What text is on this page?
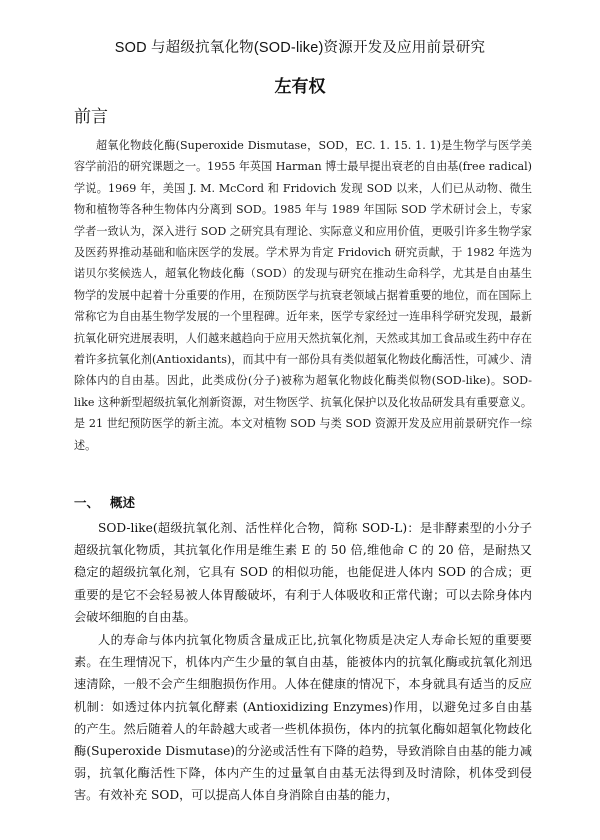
SOD 与超级抗氧化物(SOD-like)资源开发及应用前景研究
左有权
前言
超氧化物歧化酶(Superoxide Dismutase，SOD，EC. 1. 15. 1. 1)是生物学与医学美容学前沿的研究课题之一。1955 年英国 Harman 博士最早提出衰老的自由基(free radical)学说。1969 年，美国 J. M. McCord 和 Fridovich 发现 SOD 以来，人们已从动物、微生物和植物等各种生物体内分离到 SOD。1985 年与 1989 年国际 SOD 学术研讨会上，专家学者一致认为，深入进行 SOD 之研究具有理论、实际意义和应用价值，更吸引许多生物学家及医药界推动基础和临床医学的发展。学术界为肯定 Fridovich 研究贡献，于 1982 年选为诺贝尔奖候选人，超氧化物歧化酶（SOD）的发现与研究在推动生命科学，尤其是自由基生物学的发展中起着十分重要的作用，在预防医学与抗衰老领域占据着重要的地位，而在国际上常称它为自由基生物学发展的一个里程碑。近年来，医学专家经过一连串科学研究发现，最新抗氧化研究进展表明，人们越来越趋向于应用天然抗氧化剂，天然或其加工食品或生药中存在着许多抗氧化剂(Antioxidants)，而其中有一部份具有类似超氧化物歧化酶活性，可减少、清除体内的自由基。因此，此类成份(分子)被称为超氧化物歧化酶类似物(SOD-like)。SOD-like 这种新型超级抗氧化剂新资源，对生物医学、抗氧化保护以及化妆品研发具有重要意义。是 21 世纪预防医学的新主流。本文对植物 SOD 与类 SOD 资源开发及应用前景研究作一综述。
一、 概述
SOD-like(超级抗氧化剂、活性样化合物，简称 SOD-L)：是非酵素型的小分子超级抗氧化物质，其抗氧化作用是维生素 E 的 50 倍,维他命 C 的 20 倍，是耐热又稳定的超级抗氧化剂，它具有 SOD 的相似功能，也能促进人体内 SOD 的合成；更重要的是它不会轻易被人体胃酸破坏，有利于人体吸收和正常代谢；可以去除身体内会破坏细胞的自由基。
人的寿命与体内抗氧化物质含量成正比,抗氧化物质是决定人寿命长短的重要要素。在生理情况下，机体内产生少量的氧自由基，能被体内的抗氧化酶或抗氧化剂迅速清除，一般不会产生细胞损伤作用。人体在健康的情况下，本身就具有适当的反应机制：如透过体内抗氧化酵素 (Antioxidizing Enzymes)作用，以避免过多自由基的产生。然后随着人的年龄越大或者一些机体损伤，体内的抗氧化酶如超氧化物歧化酶(Superoxide Dismutase)的分泌或活性有下降的趋势，导致消除自由基的能力减弱，抗氧化酶活性下降，体内产生的过量氧自由基无法得到及时清除，机体受到侵害。有效补充 SOD，可以提高人体自身消除自由基的能力，
